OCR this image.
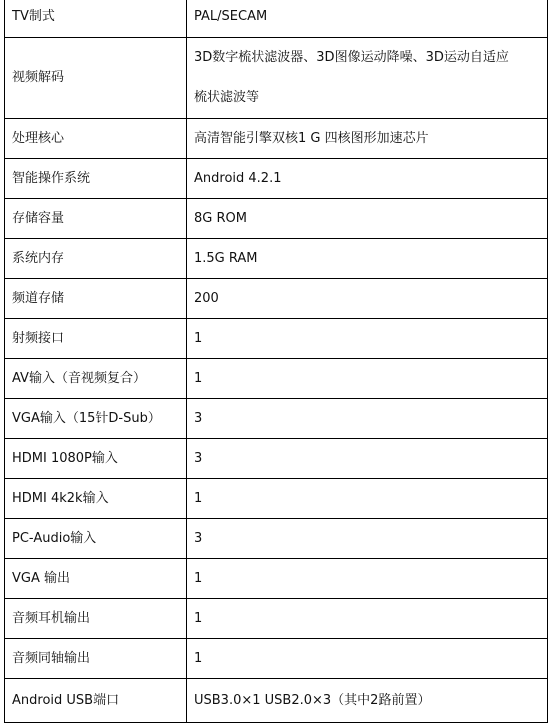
TV制式	PAL/SECAM
视频解码	3D数字梳状滤波器、3D图像运动降噪、3D运动自适应
梳状滤波等

处理核心	高清智能引擎双核1 G 四核图形加速芯片
智能操作系统	Android 4.2.1
存储容量	8G ROM
系统内存	1.5G RAM
频道存储	200
射频接口	1
AV输入（音视频复合）	1
VGA输入（15针D-Sub）	3
HDMI 1080P输入	3
HDMI 4k2k输入	1
PC-Audio输入	3
VGA 输出	1
音频耳机输出	1
音频同轴输出	1
Android USB端口	USB3.0×1 USB2.0×3（其中2路前置）
